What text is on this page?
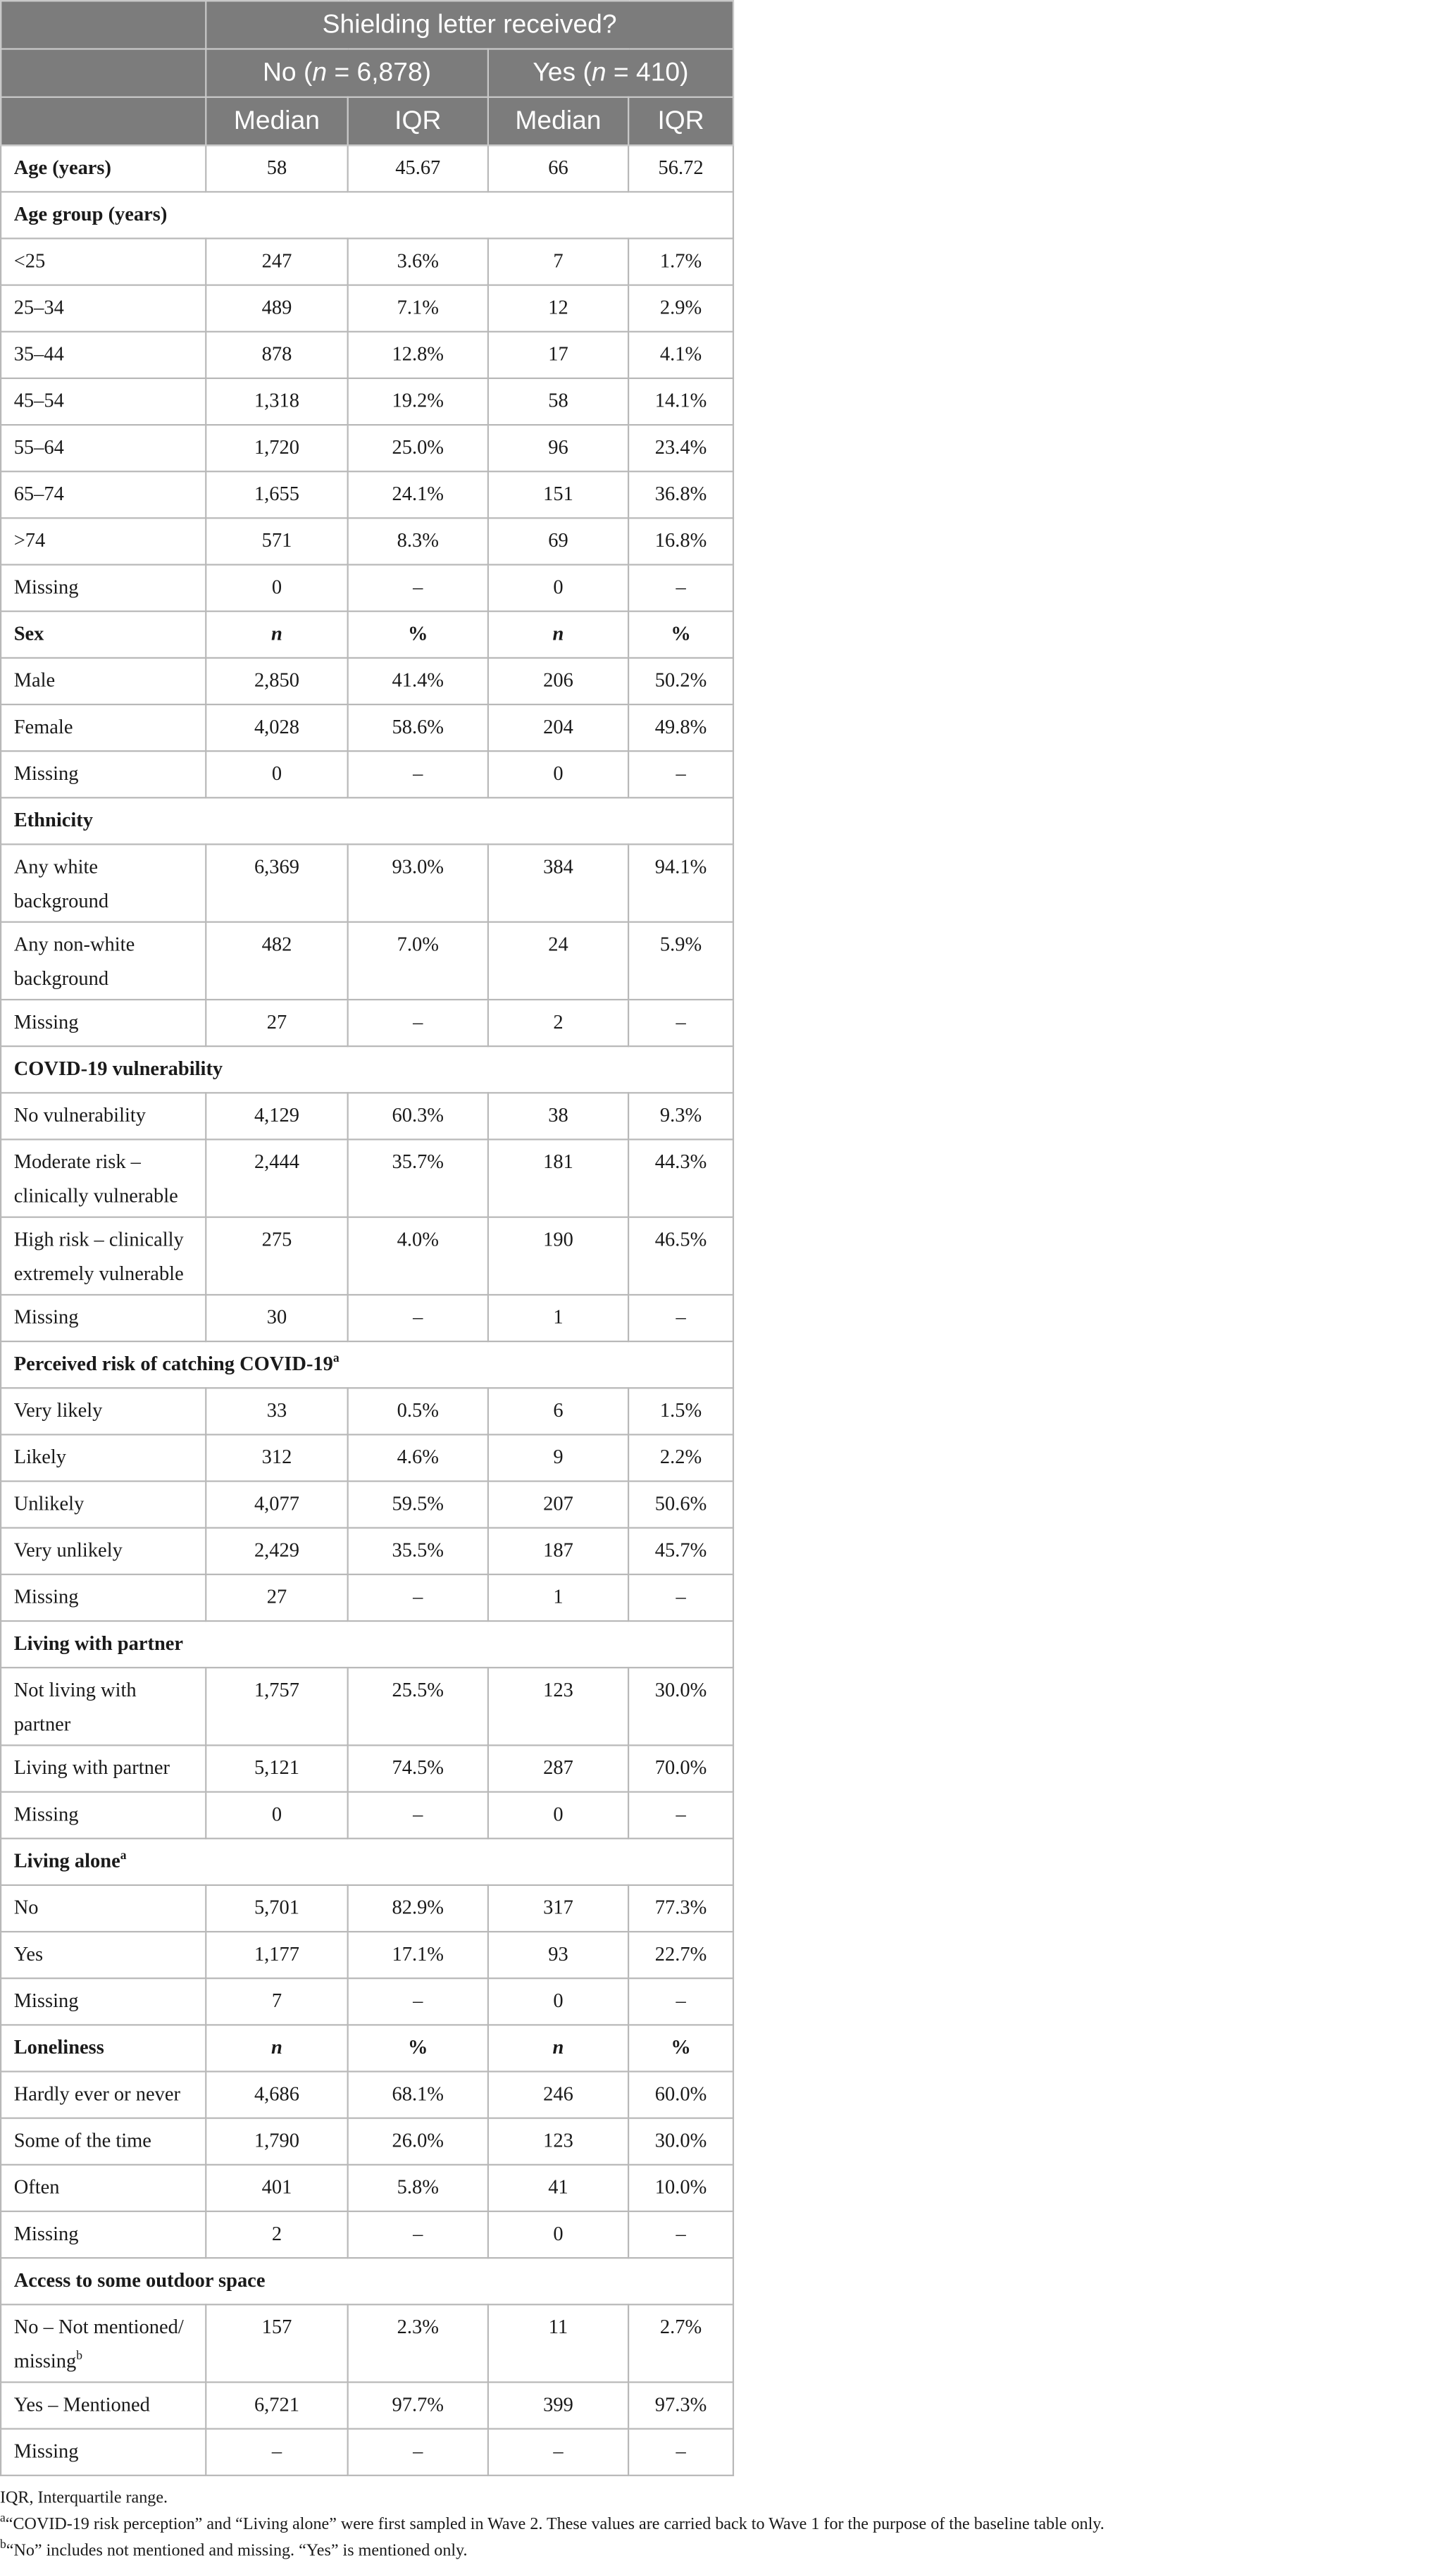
	Shielding letter received?			
	No (n = 6,878)		Yes (n = 410)	
	Median	IQR	Median	IQR
Age (years)	58	45.67	66	56.72
Age group (years)				
<25	247	3.6%	7	1.7%
25–34	489	7.1%	12	2.9%
35–44	878	12.8%	17	4.1%
45–54	1,318	19.2%	58	14.1%
55–64	1,720	25.0%	96	23.4%
65–74	1,655	24.1%	151	36.8%
>74	571	8.3%	69	16.8%
Missing	0	–	0	–
Sex	n	%	n	%
Male	2,850	41.4%	206	50.2%
Female	4,028	58.6%	204	49.8%
Missing	0	–	0	–
Ethnicity				
Any white background	6,369	93.0%	384	94.1%
Any non-white background	482	7.0%	24	5.9%
Missing	27	–	2	–
COVID-19 vulnerability				
No vulnerability	4,129	60.3%	38	9.3%
Moderate risk – clinically vulnerable	2,444	35.7%	181	44.3%
High risk – clinically extremely vulnerable	275	4.0%	190	46.5%
Missing	30	–	1	–
Perceived risk of catching COVID-19$^a$
Very likely	33	0.5%	6	1.5%
Likely	312	4.6%	9	2.2%
Unlikely	4,077	59.5%	207	50.6%
Very unlikely	2,429	35.5%	187	45.7%
Missing	27	–	1	–
Living with partner				
Not living with partner	1,757	25.5%	123	30.0%
Living with partner	5,121	74.5%	287	70.0%
Missing	0	–	0	–
Living alone$^a$
No	5,701	82.9%	317	77.3%
Yes	1,177	17.1%	93	22.7%
Missing	7	–	0	–
Loneliness	n	%	n	%
Hardly ever or never	4,686	68.1%	246	60.0%
Some of the time	1,790	26.0%	123	30.0%
Often	401	5.8%	41	10.0%
Missing	2	–	0	–
Access to some outdoor space				
No – Not mentioned/ missing$^b$	157	2.3%	11	2.7%
Yes – Mentioned	6,721	97.7%	399	97.3%
Missing	–	–	–	–
IQR, Interquartile range.
$^a$“COVID-19 risk perception” and “Living alone” were first sampled in Wave 2. These values are carried back to Wave 1 for the purpose of the baseline table only.
$^b$“No” includes not mentioned and missing. “Yes” is mentioned only.
